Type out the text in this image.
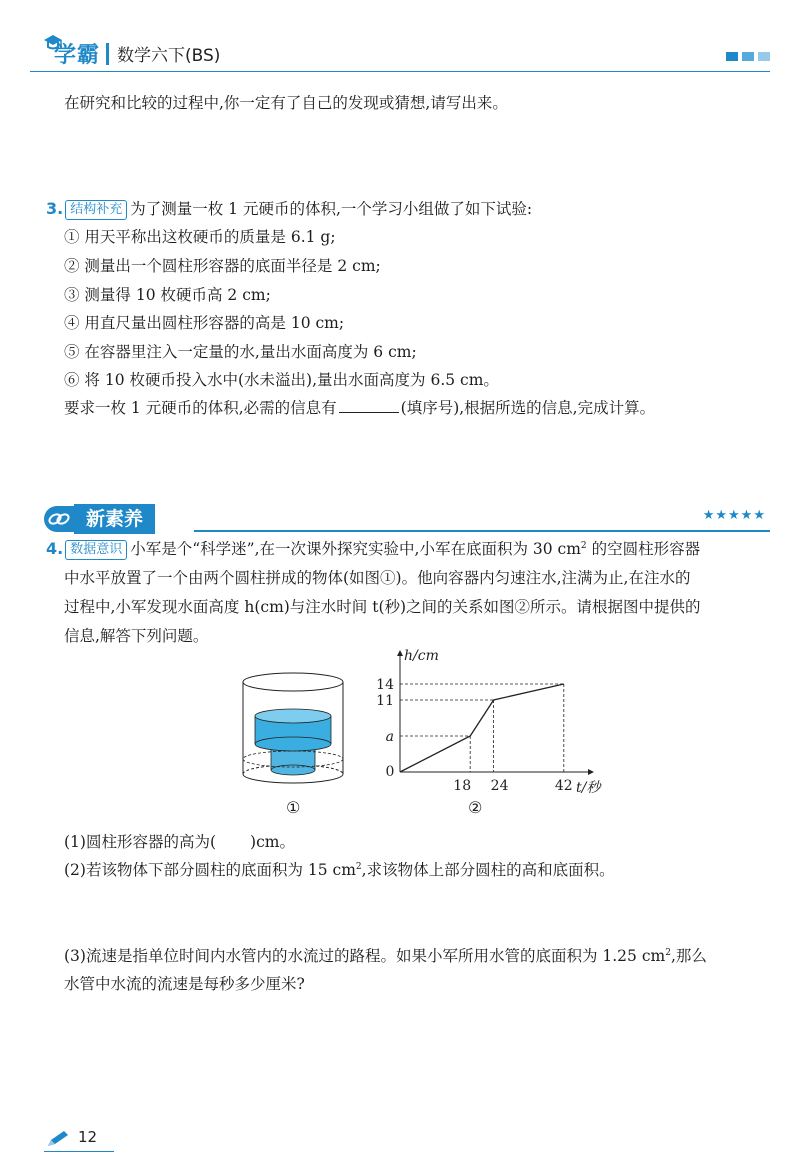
学霸 数学六下(BS)
在研究和比较的过程中,你一定有了自己的发现或猜想,请写出来。
3. 结构补充 为了测量一枚 1 元硬币的体积,一个学习小组做了如下试验:
① 用天平称出这枚硬币的质量是 6.1 g;
② 测量出一个圆柱形容器的底面半径是 2 cm;
③ 测量得 10 枚硬币高 2 cm;
④ 用直尺量出圆柱形容器的高是 10 cm;
⑤ 在容器里注入一定量的水,量出水面高度为 6 cm;
⑥ 将 10 枚硬币投入水中(水未溢出),量出水面高度为 6.5 cm。
要求一枚 1 元硬币的体积,必需的信息有	(填序号),根据所选的信息,完成计算。
新素养	★★★★★
4. 数据意识 小军是个“科学迷”,在一次课外探究实验中,小军在底面积为 30 $cm^2$ 的空圆柱形容器
中水平放置了一个由两个圆柱拼成的物体(如图①)。他向容器内匀速注水,注满为止,在注水的
过程中,小军发现水面高度 h(cm)与注水时间 t(秒)之间的关系如图②所示。请根据图中提供的
信息,解答下列问题。
①
h/cm
t/秒
0
a
11
14
18 24	42
②
(1)圆柱形容器的高为( )cm。
(2)若该物体下部分圆柱的底面积为 15 $cm^2$,求该物体上部分圆柱的高和底面积。
(3)流速是指单位时间内水管内的水流过的路程。如果小军所用水管的底面积为 1.25 $cm^2$,那么
水管中水流的流速是每秒多少厘米?
12
